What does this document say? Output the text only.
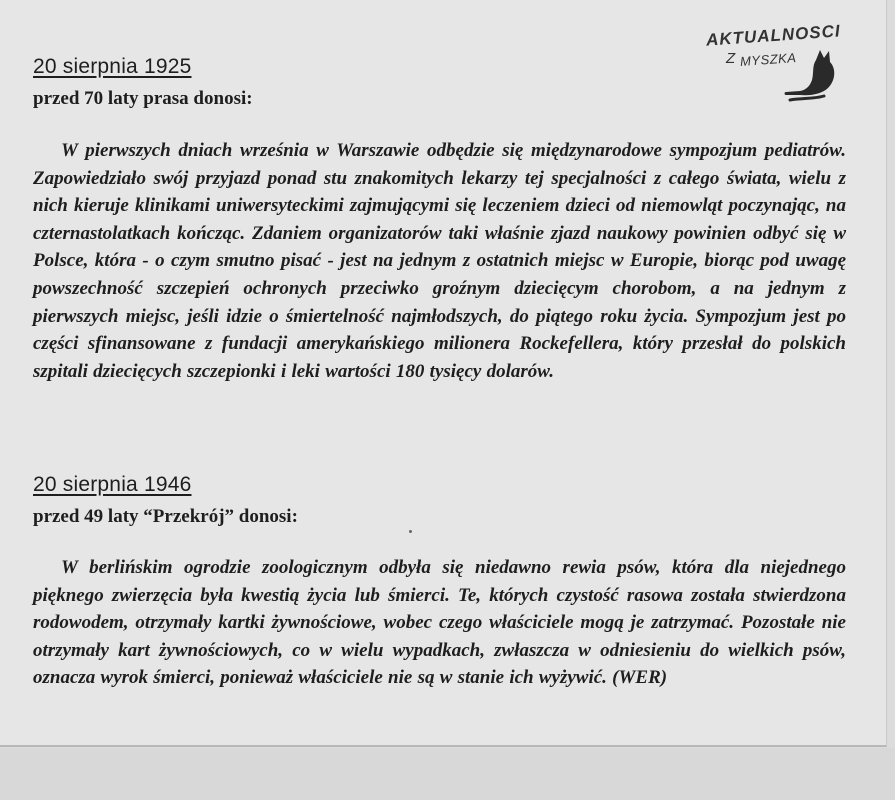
AKTUALNOSCI
Z MYSZKA
20 sierpnia 1925
przed 70 laty prasa donosi:

W pierwszych dniach września w Warszawie odbędzie się międzynarodowe sympozjum pediatrów. Zapowiedziało swój przyjazd ponad stu znakomitych lekarzy tej specjalności z całego świata, wielu z nich kieruje klinikami uniwersyteckimi zajmującymi się leczeniem dzieci od niemowląt poczynając, na czternastolatkach kończąc. Zdaniem organizatorów taki właśnie zjazd naukowy powinien odbyć się w Polsce, która - o czym smutno pisać - jest na jednym z ostatnich miejsc w Europie, biorąc pod uwagę powszechność szczepień ochronych przeciwko groźnym dziecięcym chorobom, a na jednym z pierwszych miejsc, jeśli idzie o śmiertelność najmłodszych, do piątego roku życia. Sympozjum jest po części sfinansowane z fundacji amerykańskiego milionera Rockefellera, który przesłał do polskich szpitali dziecięcych szczepionki i leki wartości 180 tysięcy dolarów.

20 sierpnia 1946
przed 49 laty “Przekrój” donosi:

W berlińskim ogrodzie zoologicznym odbyła się niedawno rewia psów, która dla niejednego pięknego zwierzęcia była kwestią życia lub śmierci. Te, których czystość rasowa została stwierdzona rodowodem, otrzymały kartki żywnościowe, wobec czego właściciele mogą je zatrzymać. Pozostałe nie otrzymały kart żywnościowych, co w wielu wypadkach, zwłaszcza w odniesieniu do wielkich psów, oznacza wyrok śmierci, ponieważ właściciele nie są w stanie ich wyżywić. (WER)
